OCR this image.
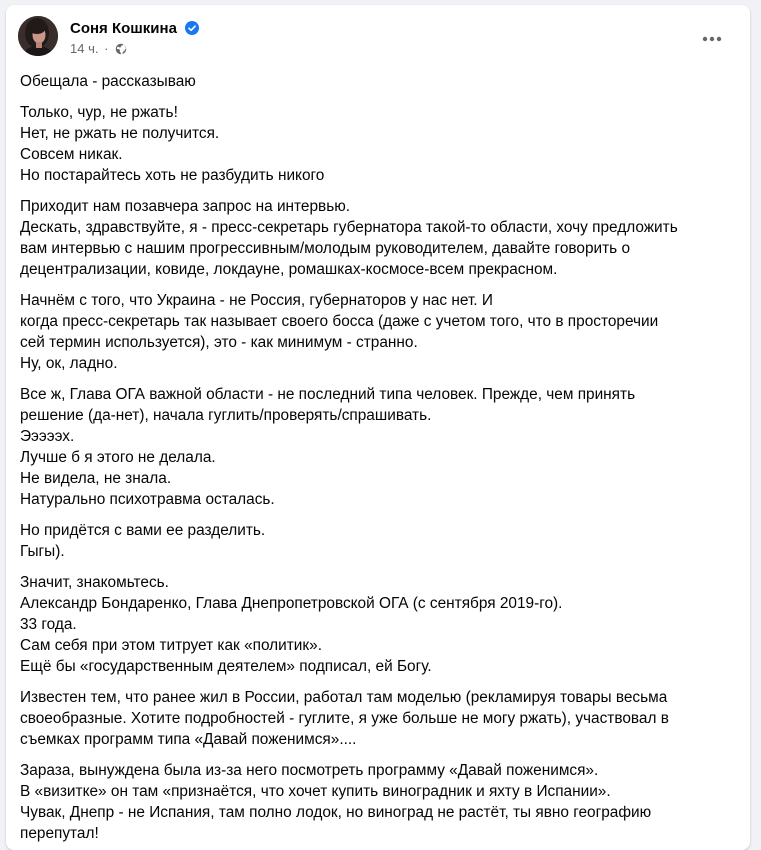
Соня Кошкина
14 ч. ·

Обещала - рассказываю

Только, чур, не ржать!
Нет, не ржать не получится.
Совсем никак.
Но постарайтесь хоть не разбудить никого

Приходит нам позавчера запрос на интервью.
Дескать, здравствуйте, я - пресс-секретарь губернатора такой-то области, хочу предложить
вам интервью с нашим прогрессивным/молодым руководителем, давайте говорить о
децентрализации, ковиде, локдауне, ромашках-космосе-всем прекрасном.

Начнём с того, что Украина - не Россия, губернаторов у нас нет. И
когда пресс-секретарь так называет своего босса (даже с учетом того, что в просторечии
сей термин используется), это - как минимум - странно.
Ну, ок, ладно.

Все ж, Глава ОГА важной области - не последний типа человек. Прежде, чем принять
решение (да-нет), начала гуглить/проверять/спрашивать.
Эээээх.
Лучше б я этого не делала.
Не видела, не знала.
Натурально психотравма осталась.

Но придётся с вами ее разделить.
Гыгы).

Значит, знакомьтесь.
Александр Бондаренко, Глава Днепропетровской ОГА (с сентября 2019-го).
33 года.
Сам себя при этом титрует как «политик».
Ещё бы «государственным деятелем» подписал, ей Богу.

Известен тем, что ранее жил в России, работал там моделью (рекламируя товары весьма
своеобразные. Хотите подробностей - гуглите, я уже больше не могу ржать), участвовал в
съемках программ типа «Давай поженимся»....

Зараза, вынуждена была из-за него посмотреть программу «Давай поженимся».
В «визитке» он там «признаётся, что хочет купить виноградник и яхту в Испании».
Чувак, Днепр - не Испания, там полно лодок, но виноград не растёт, ты явно географию
перепутал!
